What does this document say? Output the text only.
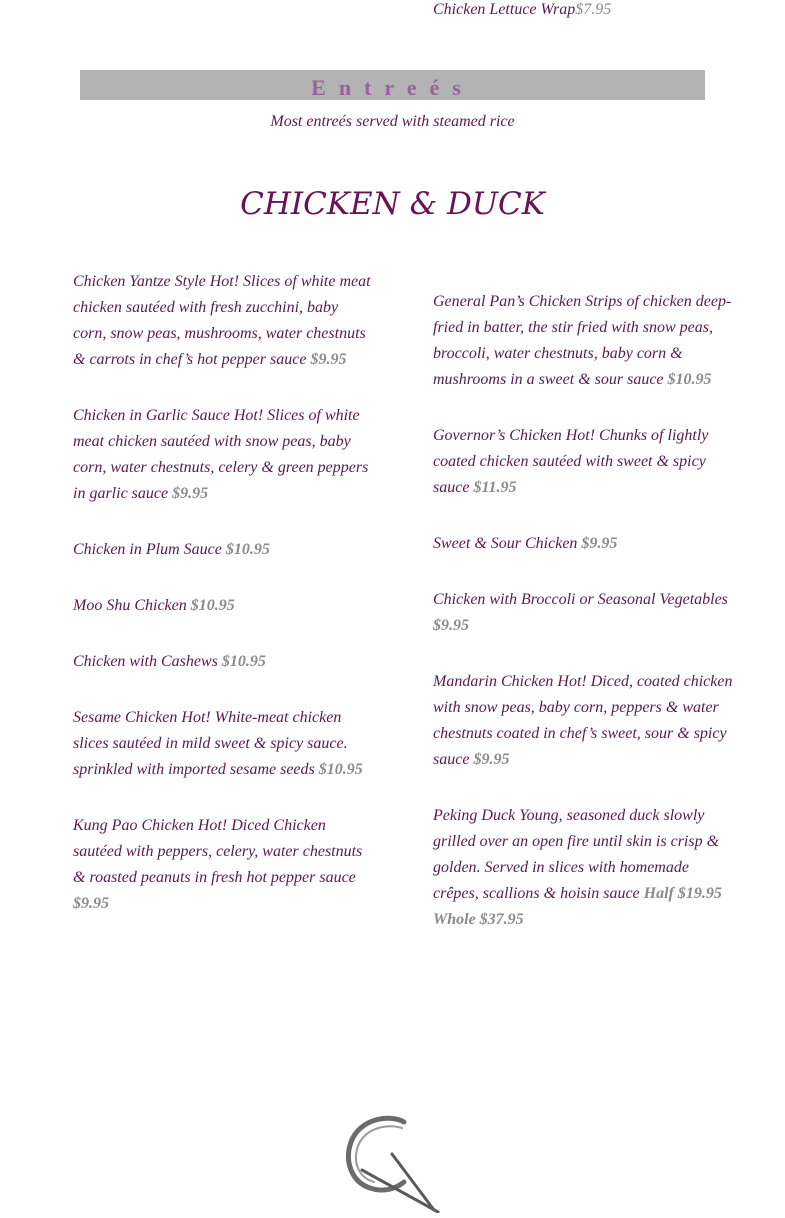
Chicken Lettuce Wrap$7.95
Entreés
Most entreés served with steamed rice
CHICKEN & DUCK
Chicken Yantze Style Hot! Slices of white meat chicken sautéed with fresh zucchini, baby corn, snow peas, mushrooms, water chestnuts & carrots in chef’s hot pepper sauce $9.95
Chicken in Garlic Sauce Hot! Slices of white meat chicken sautéed with snow peas, baby corn, water chestnuts, celery & green peppers in garlic sauce $9.95
Chicken in Plum Sauce $10.95
Moo Shu Chicken $10.95
Chicken with Cashews $10.95
Sesame Chicken Hot! White-meat chicken slices sautéed in mild sweet & spicy sauce. sprinkled with imported sesame seeds $10.95
Kung Pao Chicken Hot! Diced Chicken sautéed with peppers, celery, water chestnuts & roasted peanuts in fresh hot pepper sauce $9.95
General Pan’s Chicken Strips of chicken deep-fried in batter, the stir fried with snow peas, broccoli, water chestnuts, baby corn & mushrooms in a sweet & sour sauce $10.95
Governor’s Chicken Hot! Chunks of lightly coated chicken sautéed with sweet & spicy sauce $11.95
Sweet & Sour Chicken $9.95
Chicken with Broccoli or Seasonal Vegetables $9.95
Mandarin Chicken Hot! Diced, coated chicken with snow peas, baby corn, peppers & water chestnuts coated in chef’s sweet, sour & spicy sauce $9.95
Peking Duck Young, seasoned duck slowly grilled over an open fire until skin is crisp & golden. Served in slices with homemade crêpes, scallions & hoisin sauce Half $19.95 Whole $37.95
